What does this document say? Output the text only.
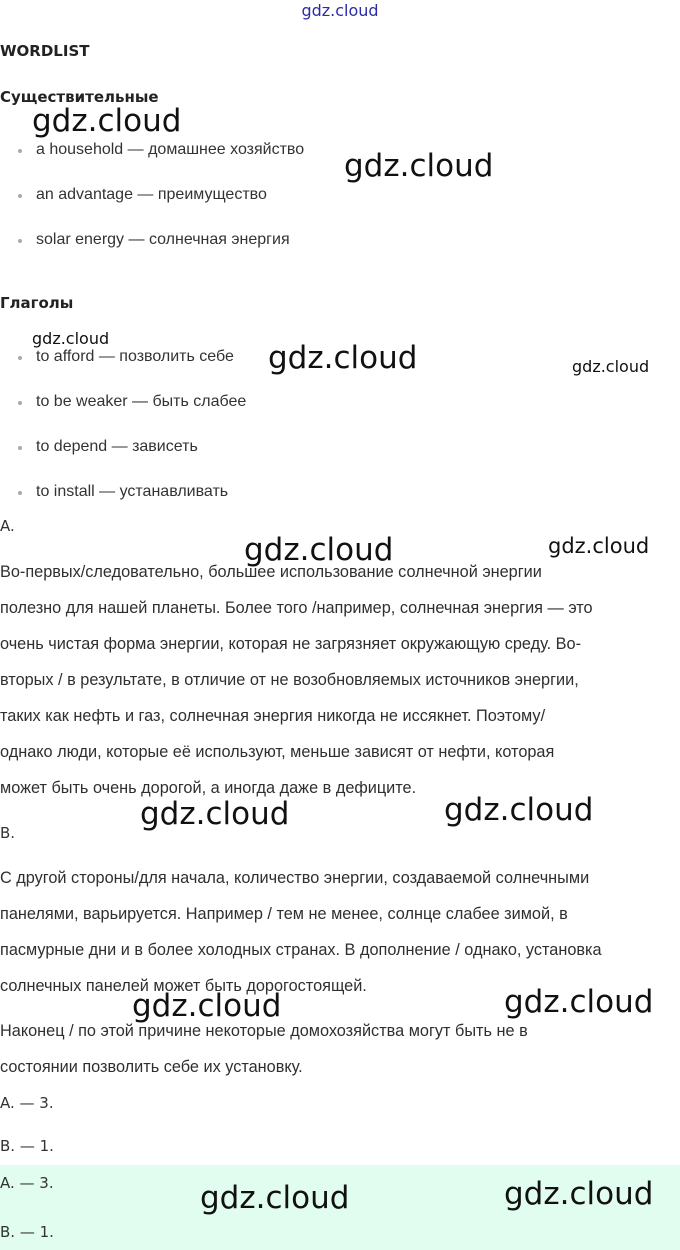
gdz.cloud
WORDLIST
Существительные
a household — домашнее хозяйство
an advantage — преимущество
solar energy — солнечная энергия
Глаголы
to afford — позволить себе
to be weaker — быть слабее
to depend — зависеть
to install — устанавливать
A.
Во-первых/следовательно, большее использование солнечной энергии
полезно для нашей планеты. Более того /например, солнечная энергия — это
очень чистая форма энергии, которая не загрязняет окружающую среду. Во-
вторых / в результате, в отличие от не возобновляемых источников энергии,
таких как нефть и газ, солнечная энергия никогда не иссякнет. Поэтому/
однако люди, которые её используют, меньше зависят от нефти, которая
может быть очень дорогой, а иногда даже в дефиците.
B.
С другой стороны/для начала, количество энергии, создаваемой солнечными
панелями, варьируется. Например / тем не менее, солнце слабее зимой, в
пасмурные дни и в более холодных странах. В дополнение / однако, установка
солнечных панелей может быть дорогостоящей.
Наконец / по этой причине некоторые домохозяйства могут быть не в
состоянии позволить себе их установку.
A. — 3.
B. — 1.
A. — 3.
B. — 1.
gdz.cloud
gdz.cloud
gdz.cloud
gdz.cloud	gdz.cloud
gdz.cloud	gdz.cloud
gdz.cloud	gdz.cloud
gdz.cloud	gdz.cloud
gdz.cloud	gdz.cloud
